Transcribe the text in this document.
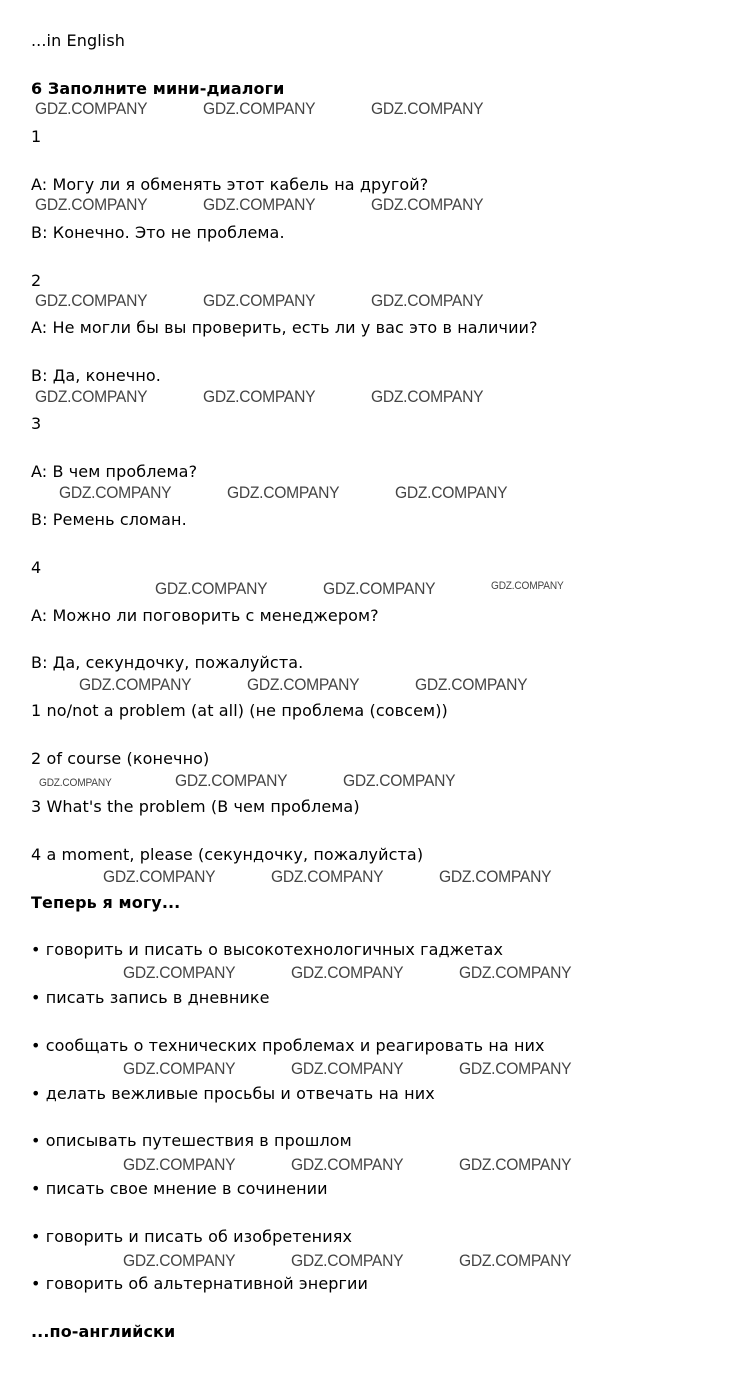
...in English
6 Заполните мини-диалоги
1
A: Могу ли я обменять этот кабель на другой?
B: Конечно. Это не проблема.
2
A: Не могли бы вы проверить, есть ли у вас это в наличии?
B: Да, конечно.
3
A: В чем проблема?
B: Ремень сломан.
4
A: Можно ли поговорить с менеджером?
B: Да, секундочку, пожалуйста.
1 no/not a problem (at all) (не проблема (совсем))
2 of course (конечно)
3 What's the problem (В чем проблема)
4 a moment, please (секундочку, пожалуйста)
Теперь я могу...
• говорить и писать о высокотехнологичных гаджетах
• писать запись в дневнике
• сообщать о технических проблемах и реагировать на них
• делать вежливые просьбы и отвечать на них
• описывать путешествия в прошлом
• писать свое мнение в сочинении
• говорить и писать об изобретениях
• говорить об альтернативной энергии
...по-английски
GDZ.COMPANY	GDZ.COMPANY	GDZ.COMPANY
GDZ.COMPANY	GDZ.COMPANY	GDZ.COMPANY
GDZ.COMPANY	GDZ.COMPANY	GDZ.COMPANY
GDZ.COMPANY	GDZ.COMPANY	GDZ.COMPANY
GDZ.COMPANY	GDZ.COMPANY	GDZ.COMPANY
GDZ.COMPANY	GDZ.COMPANY	GDZ.COMPANY
GDZ.COMPANY	GDZ.COMPANY	GDZ.COMPANY
GDZ.COMPANY	GDZ.COMPANY	GDZ.COMPANY
GDZ.COMPANY	GDZ.COMPANY	GDZ.COMPANY
GDZ.COMPANY	GDZ.COMPANY	GDZ.COMPANY
GDZ.COMPANY	GDZ.COMPANY	GDZ.COMPANY
GDZ.COMPANY	GDZ.COMPANY	GDZ.COMPANY
GDZ.COMPANY	GDZ.COMPANY	GDZ.COMPANY
